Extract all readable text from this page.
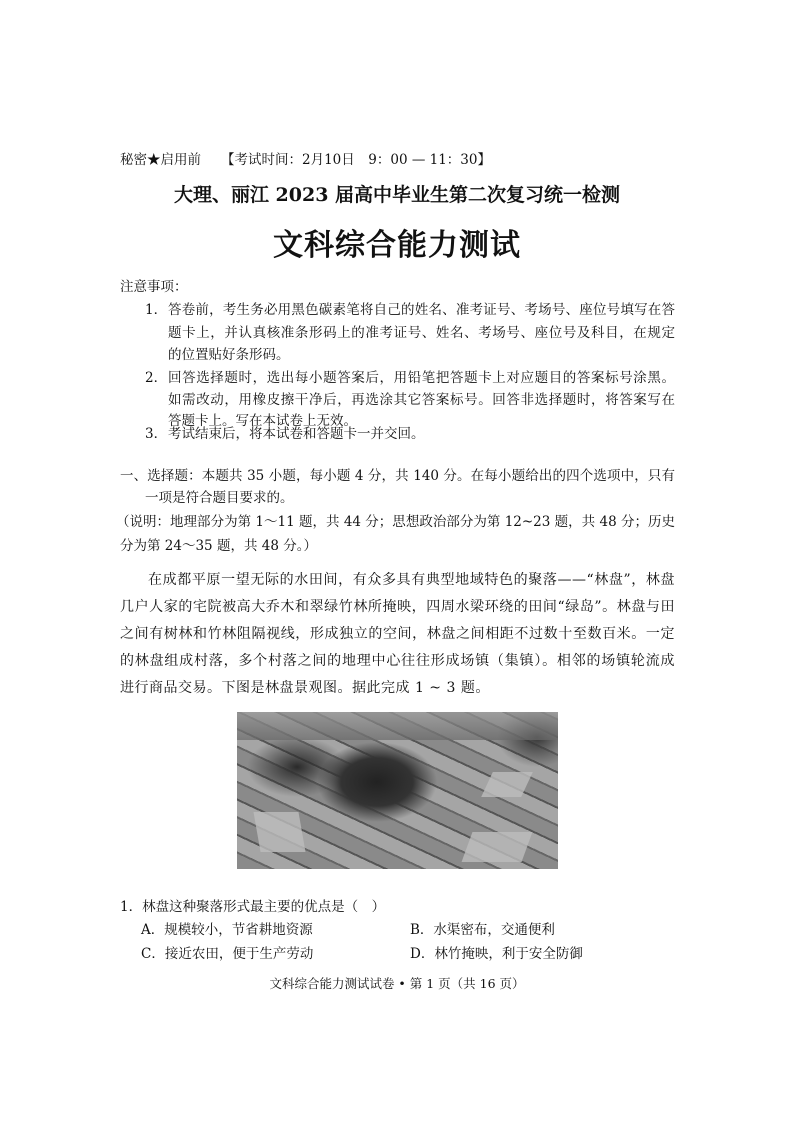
秘密★启用前 【考试时间：2月10日　9：00 — 11：30】
大理、丽江 2023 届高中毕业生第二次复习统一检测
文科综合能力测试
注意事项：
1． 答卷前，考生务必用黑色碳素笔将自己的姓名、准考证号、考场号、座位号填写在答
题卡上，并认真核准条形码上的准考证号、姓名、考场号、座位号及科目，在规定
的位置贴好条形码。
2． 回答选择题时，选出每小题答案后，用铅笔把答题卡上对应题目的答案标号涂黑。
如需改动，用橡皮擦干净后，再选涂其它答案标号。回答非选择题时，将答案写在
答题卡上。写在本试卷上无效。
3． 考试结束后，将本试卷和答题卡一并交回。
一、选择题：本题共 35 小题，每小题 4 分，共 140 分。在每小题给出的四个选项中，只有
一项是符合题目要求的。
（说明：地理部分为第 1～11 题，共 44 分；思想政治部分为第 12~23 题，共 48 分；历史
分为第 24～35 题，共 48 分。）
在成都平原一望无际的水田间，有众多具有典型地域特色的聚落——“林盘”，林盘
几户人家的宅院被高大乔木和翠绿竹林所掩映，四周水梁环绕的田间“绿岛”。林盘与田
之间有树林和竹林阻隔视线，形成独立的空间，林盘之间相距不过数十至数百米。一定
的林盘组成村落，多个村落之间的地理中心往往形成场镇（集镇）。相邻的场镇轮流成
进行商品交易。下图是林盘景观图。据此完成 1 ~ 3 题。
1．林盘这种聚落形式最主要的优点是（　）
A．规模较小，节省耕地资源	B．水渠密布，交通便利
C．接近农田，便于生产劳动	D．林竹掩映，利于安全防御
文科综合能力测试试卷 • 第 1 页（共 16 页）
